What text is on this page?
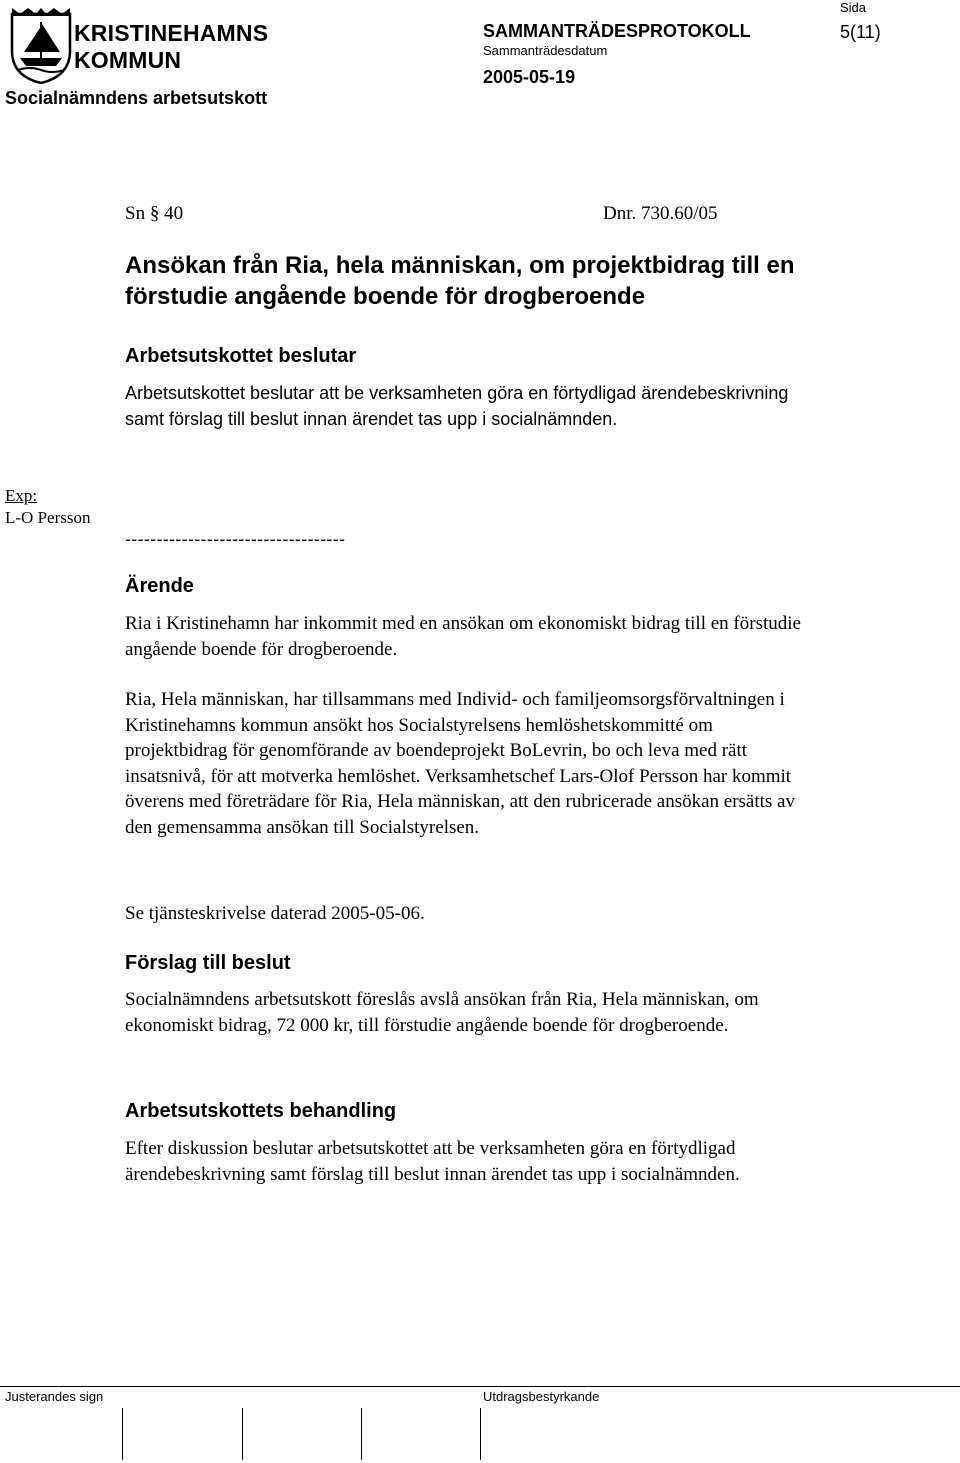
KRISTINEHAMNS
KOMMUN
Socialnämndens arbetsutskott
SAMMANTRÄDESPROTOKOLL
Sammanträdesdatum
2005-05-19
Sida
5(11)
Sn § 40	Dnr. 730.60/05
Ansökan från Ria, hela människan, om projektbidrag till en förstudie angående boende för drogberoende
Arbetsutskottet beslutar
Arbetsutskottet beslutar att be verksamheten göra en förtydligad ärendebeskrivning samt förslag till beslut innan ärendet tas upp i socialnämnden.
Exp:
L-O Persson
-----------------------------------
Ärende
Ria i Kristinehamn har inkommit med en ansökan om ekonomiskt bidrag till en förstudie angående boende för drogberoende.
Ria, Hela människan, har tillsammans med Individ- och familjeomsorgsförvaltningen i Kristinehamns kommun ansökt hos Socialstyrelsens hemlöshetskommitté om projektbidrag för genomförande av boendeprojekt BoLevrin, bo och leva med rätt insatsnivå, för att motverka hemlöshet. Verksamhetschef Lars-Olof Persson har kommit överens med företrädare för Ria, Hela människan, att den rubricerade ansökan ersätts av den gemensamma ansökan till Socialstyrelsen.
Se tjänsteskrivelse daterad 2005-05-06.
Förslag till beslut
Socialnämndens arbetsutskott föreslås avslå ansökan från Ria, Hela människan, om ekonomiskt bidrag, 72 000 kr, till förstudie angående boende för drogberoende.
Arbetsutskottets behandling
Efter diskussion beslutar arbetsutskottet att be verksamheten göra en förtydligad ärendebeskrivning samt förslag till beslut innan ärendet tas upp i socialnämnden.
Justerandes sign	Utdragsbestyrkande
